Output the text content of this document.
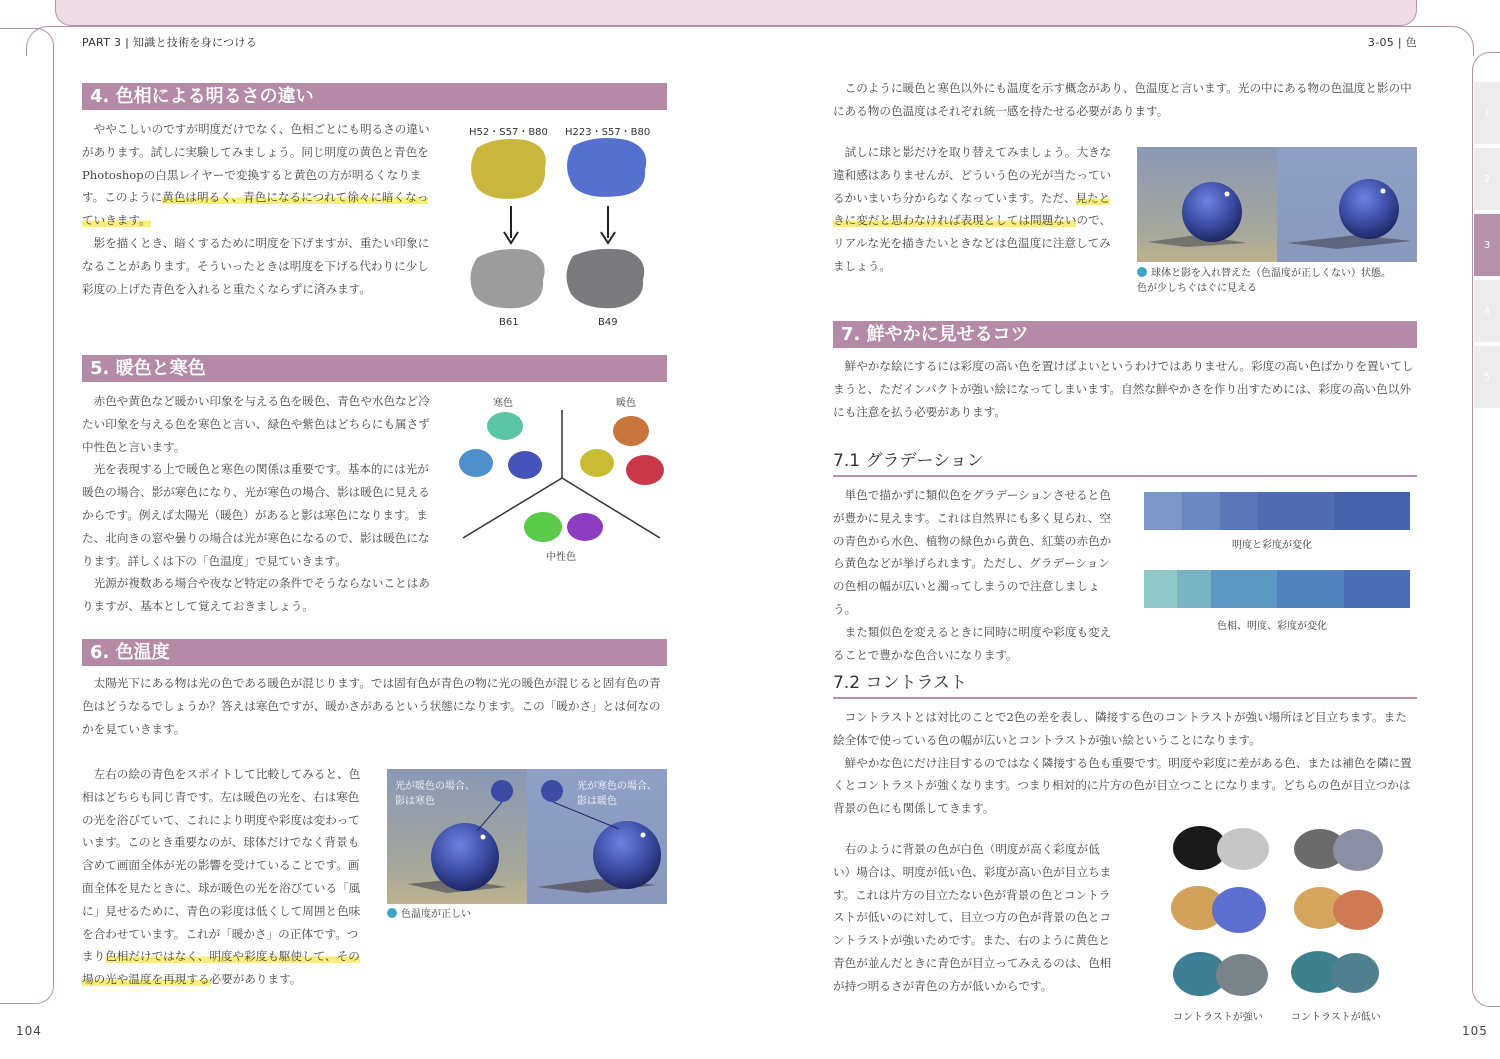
PART 3 | 知識と技術を身につける	3-05 | 色
104	105
1
2
3
4
5
4. 色相による明るさの違い

ややこしいのですが明度だけでなく、色相ごとにも明るさの違いがあります。試しに実験してみましょう。同じ明度の黄色と青色をPhotoshopの白黒レイヤーで変換すると黄色の方が明るくなります。このように黄色は明るく、青色になるにつれて徐々に暗くなっていきます。

影を描くとき、暗くするために明度を下げますが、重たい印象になることがあります。そういったときは明度を下げる代わりに少し彩度の上げた青色を入れると重たくならずに済みます。

H52・S57・B80 H223・S57・B80
B61	B49
5. 暖色と寒色

赤色や黄色など暖かい印象を与える色を暖色、青色や水色など冷たい印象を与える色を寒色と言い、緑色や紫色はどちらにも属さず中性色と言います。

光を表現する上で暖色と寒色の関係は重要です。基本的には光が暖色の場合、影が寒色になり、光が寒色の場合、影は暖色に見えるからです。例えば太陽光（暖色）があると影は寒色になります。また、北向きの窓や曇りの場合は光が寒色になるので、影は暖色になります。詳しくは下の「色温度」で見ていきます。

光源が複数ある場合や夜など特定の条件でそうならないことはありますが、基本として覚えておきましょう。

寒色	暖色
中性色
6. 色温度

太陽光下にある物は光の色である暖色が混じります。では固有色が青色の物に光の暖色が混じると固有色の青色はどうなるでしょうか？答えは寒色ですが、暖かさがあるという状態になります。この「暖かさ」とは何なのかを見ていきます。

左右の絵の青色をスポイトして比較してみると、色相はどちらも同じ青です。左は暖色の光を、右は寒色の光を浴びていて、これにより明度や彩度は変わっています。このとき重要なのが、球体だけでなく背景も含めて画面全体が光の影響を受けていることです。画面全体を見たときに、球が暖色の光を浴びている「風に」見せるために、青色の彩度は低くして周囲と色味を合わせています。これが「暖かさ」の正体です。つまり色相だけではなく、明度や彩度も駆使して、その場の光や温度を再現する必要があります。

光が暖色の場合、
影は寒色
光が寒色の場合、
影は暖色
色温度が正しい

このように暖色と寒色以外にも温度を示す概念があり、色温度と言います。光の中にある物の色温度と影の中にある物の色温度はそれぞれ統一感を持たせる必要があります。

試しに球と影だけを取り替えてみましょう。大きな違和感はありませんが、どういう色の光が当たっているかいまいち分からなくなっています。ただ、見たときに変だと思わなければ表現としては問題ないので、リアルな光を描きたいときなどは色温度に注意してみましょう。

球体と影を入れ替えた（色温度が正しくない）状態。
色が少しちぐはぐに見える
7. 鮮やかに見せるコツ

鮮やかな絵にするには彩度の高い色を置けばよいというわけではありません。彩度の高い色ばかりを置いてしまうと、ただインパクトが強い絵になってしまいます。自然な鮮やかさを作り出すためには、彩度の高い色以外にも注意を払う必要があります。

7.1 グラデーション

単色で描かずに類似色をグラデーションさせると色が豊かに見えます。これは自然界にも多く見られ、空の青色から水色、植物の緑色から黄色、紅葉の赤色から黄色などが挙げられます。ただし、グラデーションの色相の幅が広いと濁ってしまうので注意しましょう。

また類似色を変えるときに同時に明度や彩度も変えることで豊かな色合いになります。

明度と彩度が変化
色相、明度、彩度が変化
7.2 コントラスト

コントラストとは対比のことで2色の差を表し、隣接する色のコントラストが強い場所ほど目立ちます。また絵全体で使っている色の幅が広いとコントラストが強い絵ということになります。

鮮やかな色にだけ注目するのではなく隣接する色も重要です。明度や彩度に差がある色、または補色を隣に置くとコントラストが強くなります。つまり相対的に片方の色が目立つことになります。どちらの色が目立つかは背景の色にも関係してきます。

右のように背景の色が白色（明度が高く彩度が低い）場合は、明度が低い色、彩度が高い色が目立ちます。これは片方の目立たない色が背景の色とコントラストが低いのに対して、目立つ方の色が背景の色とコントラストが強いためです。また、右のように黄色と青色が並んだときに青色が目立ってみえるのは、色相が持つ明るさが青色の方が低いからです。

コントラストが強い	コントラストが低い
